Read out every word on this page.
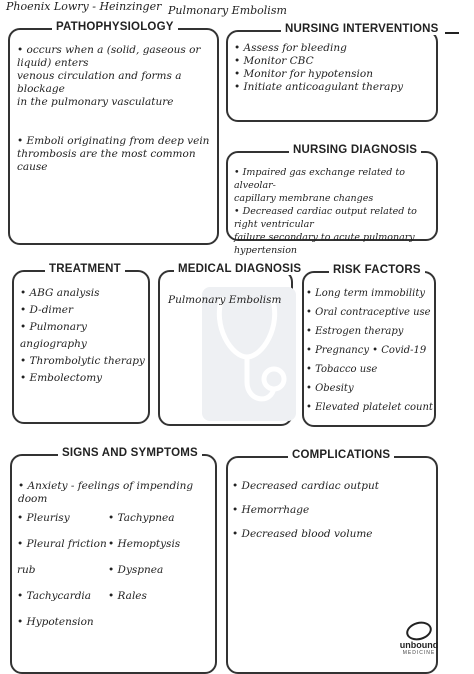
Phoenix Lowry - Heinzinger Pulmonary Embolism
PATHOPHYSIOLOGY
• occurs when a (solid, gaseous or liquid) enters
venous circulation and forms a blockage
in the pulmonary vasculature

• Emboli originating from deep vein
thrombosis are the most common
cause
NURSING INTERVENTIONS
• Assess for bleeding
• Monitor CBC
• Monitor for hypotension
• Initiate anticoagulant therapy
NURSING DIAGNOSIS
• Impaired gas exchange related to alveolar-
capillary membrane changes
• Decreased cardiac output related to right ventricular
failure secondary to acute pulmonary hypertension
TREATMENT
• ABG analysis
• D-dimer
• Pulmonary angiography
• Thrombolytic therapy
• Embolectomy
MEDICAL DIAGNOSIS
Pulmonary Embolism
RISK FACTORS
• Long term immobility
• Oral contraceptive use
• Estrogen therapy
• Pregnancy • Covid-19
• Tobacco use
• Obesity
• Elevated platelet count
SIGNS AND SYMPTOMS
• Anxiety - feelings of impending doom
• Pleurisy
• Pleural friction rub
• Tachycardia
• Hypotension
• Tachypnea
• Hemoptysis
• Dyspnea
• Rales
COMPLICATIONS
• Decreased cardiac output
• Hemorrhage
• Decreased blood volume
unbound
MEDICINE
